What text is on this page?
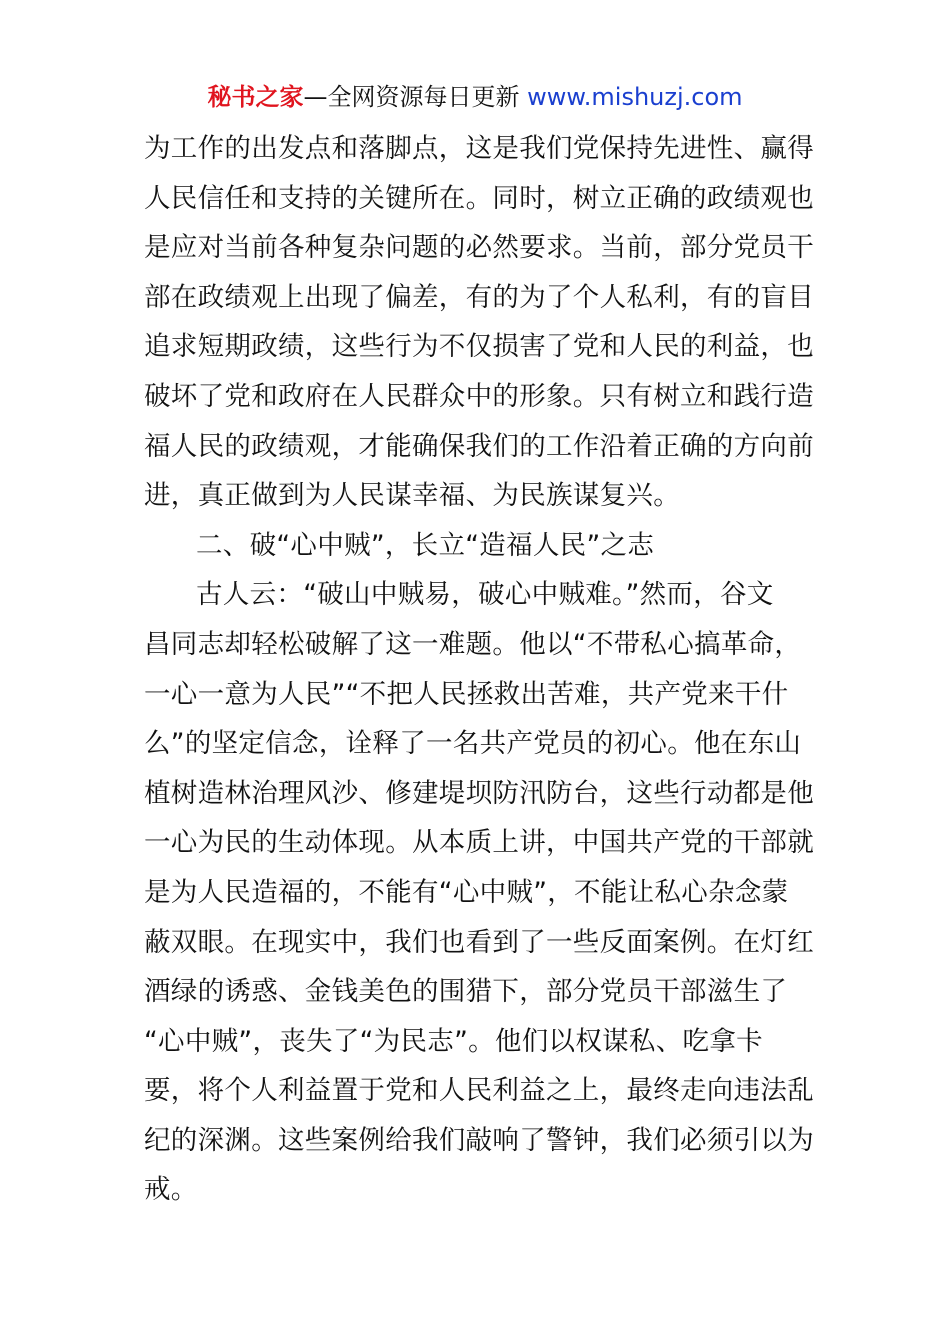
秘书之家—全网资源每日更新 www.mishuzj.com
为工作的出发点和落脚点，这是我们党保持先进性、赢得
人民信任和支持的关键所在。同时，树立正确的政绩观也
是应对当前各种复杂问题的必然要求。当前，部分党员干
部在政绩观上出现了偏差，有的为了个人私利，有的盲目
追求短期政绩，这些行为不仅损害了党和人民的利益，也
破坏了党和政府在人民群众中的形象。只有树立和践行造
福人民的政绩观，才能确保我们的工作沿着正确的方向前
进，真正做到为人民谋幸福、为民族谋复兴。
二、破“心中贼”，长立“造福人民”之志
古人云：“破山中贼易，破心中贼难。”然而，谷文
昌同志却轻松破解了这一难题。他以“不带私心搞革命，
一心一意为人民”“不把人民拯救出苦难，共产党来干什
么”的坚定信念，诠释了一名共产党员的初心。他在东山
植树造林治理风沙、修建堤坝防汛防台，这些行动都是他
一心为民的生动体现。从本质上讲，中国共产党的干部就
是为人民造福的，不能有“心中贼”，不能让私心杂念蒙
蔽双眼。在现实中，我们也看到了一些反面案例。在灯红
酒绿的诱惑、金钱美色的围猎下，部分党员干部滋生了
“心中贼”，丧失了“为民志”。他们以权谋私、吃拿卡
要，将个人利益置于党和人民利益之上，最终走向违法乱
纪的深渊。这些案例给我们敲响了警钟，我们必须引以为
戒。
